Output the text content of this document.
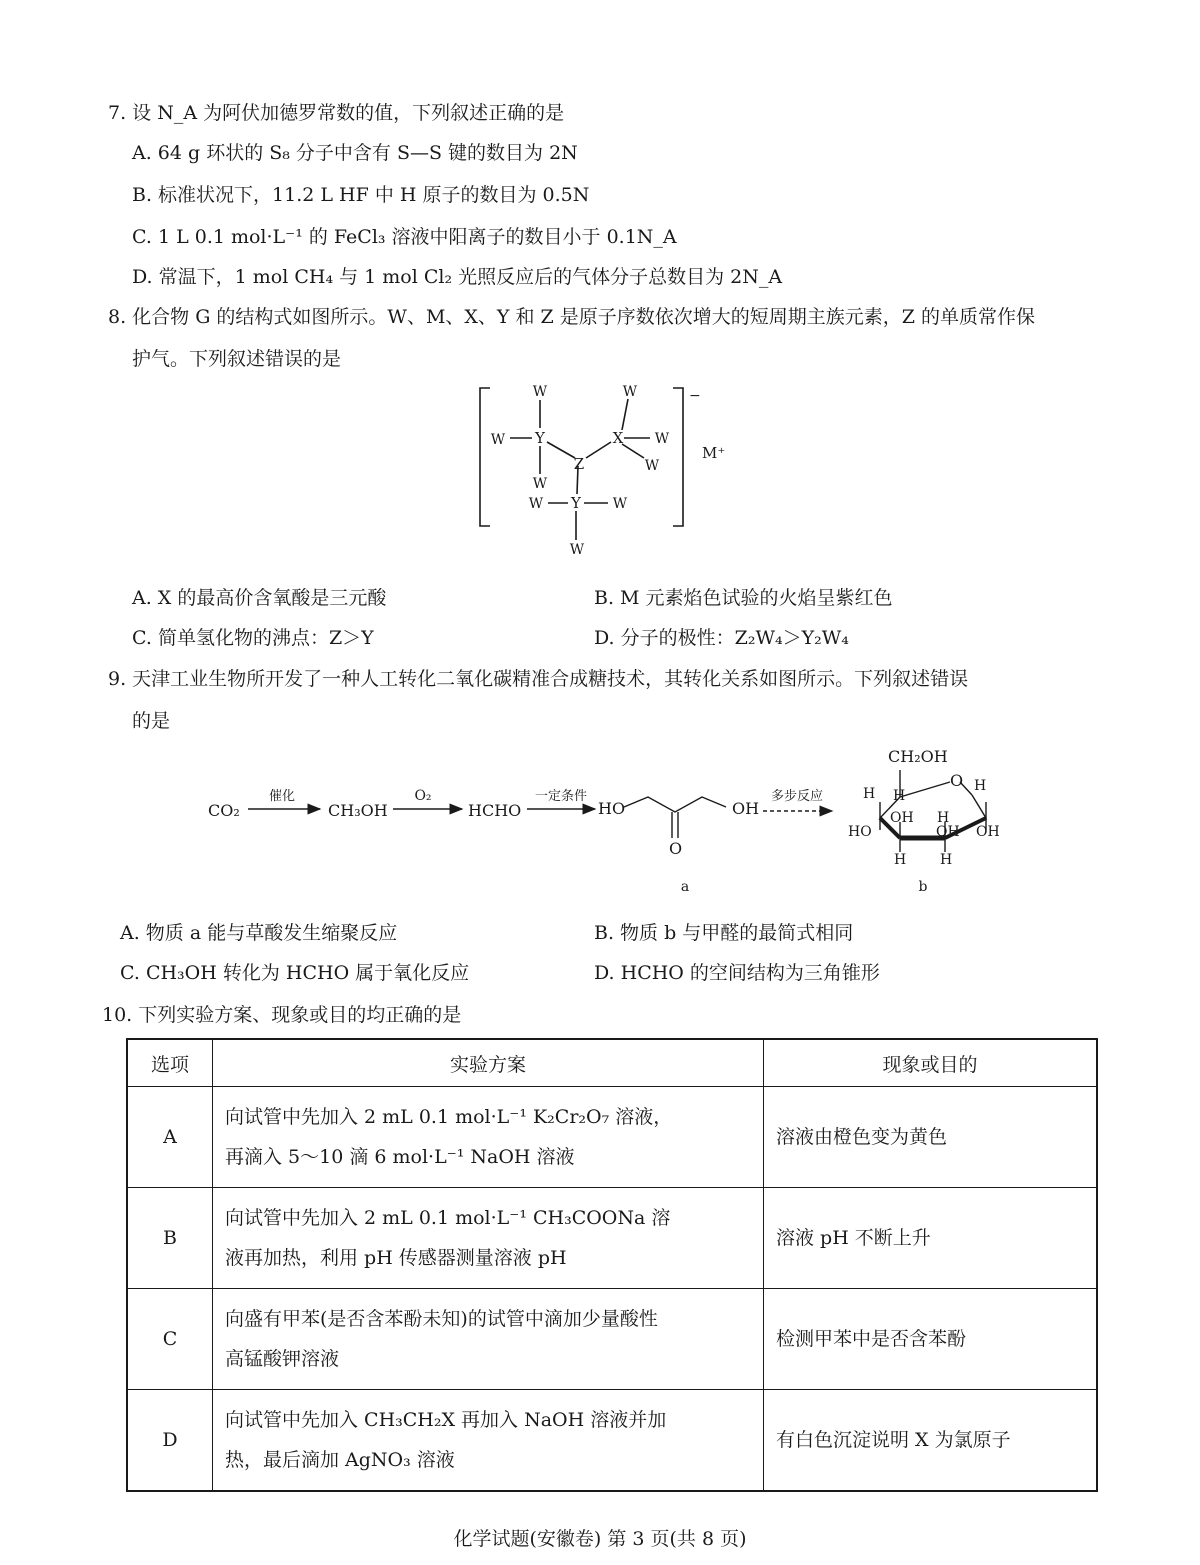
7. 设 N_A 为阿伏加德罗常数的值，下列叙述正确的是
A. 64 g 环状的 S₈ 分子中含有 S—S 键的数目为 2N
B. 标准状况下，11.2 L HF 中 H 原子的数目为 0.5N
C. 1 L 0.1 mol·L⁻¹ 的 FeCl₃ 溶液中阳离子的数目小于 0.1N_A
D. 常温下，1 mol CH₄ 与 1 mol Cl₂ 光照反应后的气体分子总数目为 2N_A
8. 化合物 G 的结构式如图所示。W、M、X、Y 和 Z 是原子序数依次增大的短周期主族元素，Z 的单质常作保
护气。下列叙述错误的是
W
W Y
W
Z
W
X W
W
W Y W
W
−
M⁺
A. X 的最高价含氧酸是三元酸	B. M 元素焰色试验的火焰呈紫红色
C. 简单氢化物的沸点：Z＞Y	D. 分子的极性：Z₂W₄＞Y₂W₄
9. 天津工业生物所开发了一种人工转化二氧化碳精准合成糖技术，其转化关系如图所示。下列叙述错误
的是
CO₂
催化
CH₃OH
O₂
HCHO
一定条件
HO
O
OH
a
多步反应
CH₂OH
O
H H
H
OH H
HO	OH
OH
H H
b
A. 物质 a 能与草酸发生缩聚反应	B. 物质 b 与甲醛的最简式相同
C. CH₃OH 转化为 HCHO 属于氧化反应	D. HCHO 的空间结构为三角锥形
10. 下列实验方案、现象或目的均正确的是
选项	实验方案	现象或目的
A	向试管中先加入 2 mL 0.1 mol·L⁻¹ K₂Cr₂O₇ 溶液，
再滴入 5～10 滴 6 mol·L⁻¹ NaOH 溶液	溶液由橙色变为黄色
B	向试管中先加入 2 mL 0.1 mol·L⁻¹ CH₃COONa 溶
液再加热，利用 pH 传感器测量溶液 pH	溶液 pH 不断上升
C	向盛有甲苯(是否含苯酚未知)的试管中滴加少量酸性
高锰酸钾溶液	检测甲苯中是否含苯酚
D	向试管中先加入 CH₃CH₂X 再加入 NaOH 溶液并加
热，最后滴加 AgNO₃ 溶液	有白色沉淀说明 X 为氯原子
化学试题(安徽卷) 第 3 页(共 8 页)
